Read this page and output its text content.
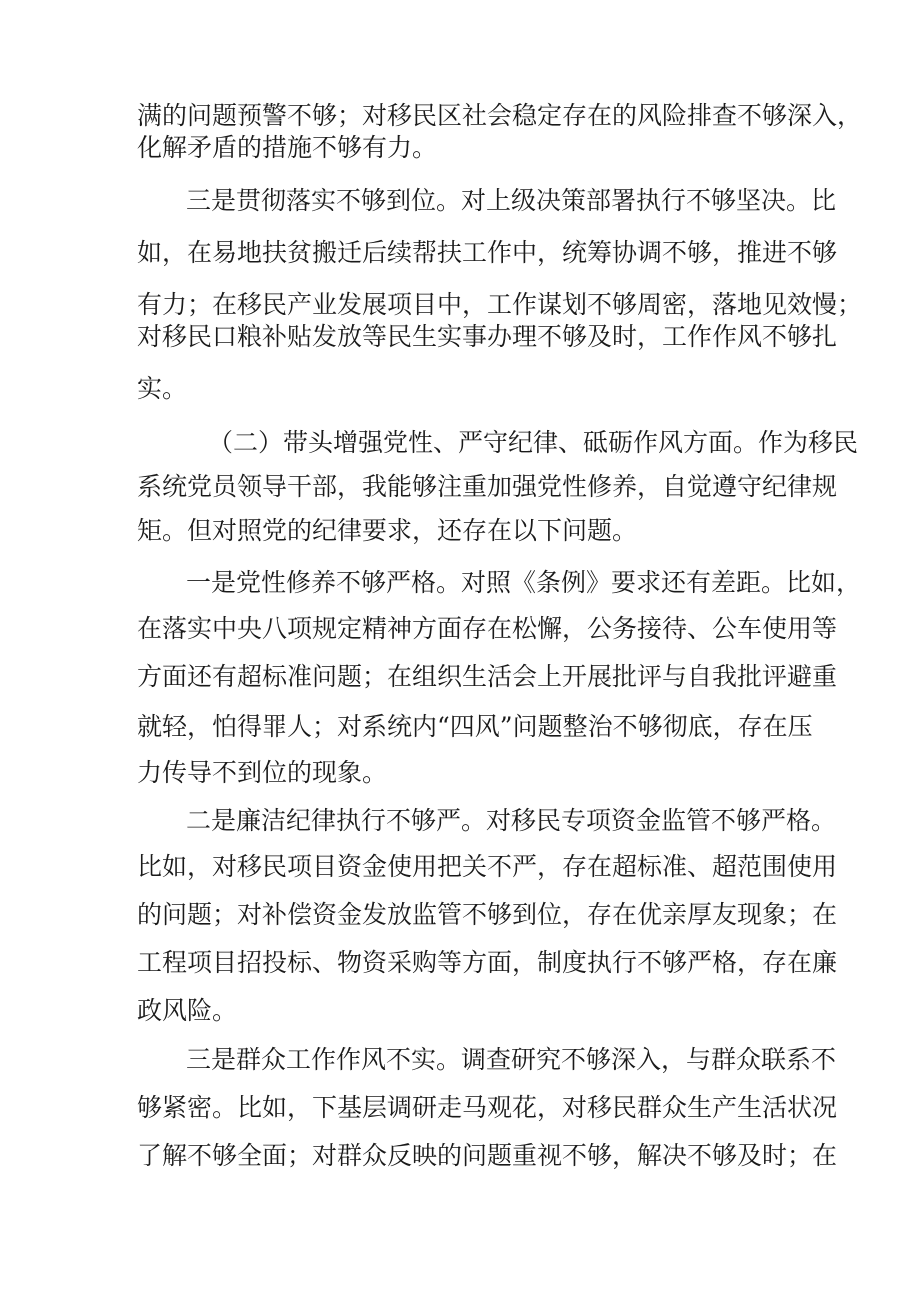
满的问题预警不够；对移民区社会稳定存在的风险排查不够深入，
化解矛盾的措施不够有力。
三是贯彻落实不够到位。对上级决策部署执行不够坚决。比
如，在易地扶贫搬迁后续帮扶工作中，统筹协调不够，推进不够
有力；在移民产业发展项目中，工作谋划不够周密，落地见效慢；
对移民口粮补贴发放等民生实事办理不够及时，工作作风不够扎
实。
（二）带头增强党性、严守纪律、砥砺作风方面。作为移民
系统党员领导干部，我能够注重加强党性修养，自觉遵守纪律规
矩。但对照党的纪律要求，还存在以下问题。
一是党性修养不够严格。对照《条例》要求还有差距。比如，
在落实中央八项规定精神方面存在松懈，公务接待、公车使用等
方面还有超标准问题；在组织生活会上开展批评与自我批评避重
就轻，怕得罪人；对系统内“四风”问题整治不够彻底，存在压
力传导不到位的现象。
二是廉洁纪律执行不够严。对移民专项资金监管不够严格。
比如，对移民项目资金使用把关不严，存在超标准、超范围使用
的问题；对补偿资金发放监管不够到位，存在优亲厚友现象；在
工程项目招投标、物资采购等方面，制度执行不够严格，存在廉
政风险。
三是群众工作作风不实。调查研究不够深入，与群众联系不
够紧密。比如，下基层调研走马观花，对移民群众生产生活状况
了解不够全面；对群众反映的问题重视不够，解决不够及时；在
